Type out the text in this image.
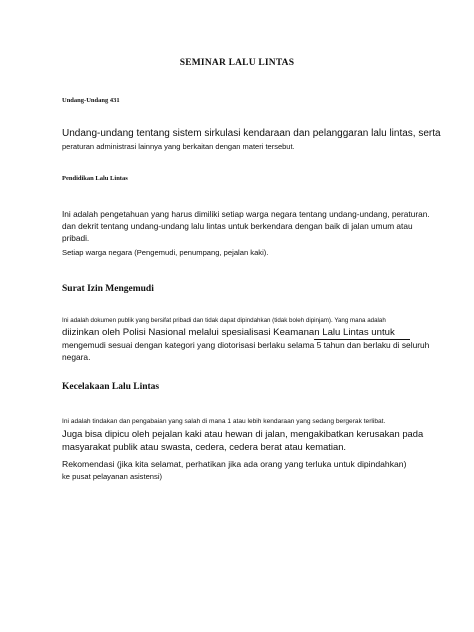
SEMINAR LALU LINTAS
Undang-Undang 431
Undang-undang tentang sistem sirkulasi kendaraan dan pelanggaran lalu lintas, serta
peraturan administrasi lainnya yang berkaitan dengan materi tersebut.
Pendidikan Lalu Lintas
Ini adalah pengetahuan yang harus dimiliki setiap warga negara tentang undang-undang, peraturan.
dan dekrit tentang undang-undang lalu lintas untuk berkendara dengan baik di jalan umum atau
pribadi.
Setiap warga negara (Pengemudi, penumpang, pejalan kaki).
Surat Izin Mengemudi
Ini adalah dokumen publik yang bersifat pribadi dan tidak dapat dipindahkan (tidak boleh dipinjam). Yang mana adalah
diizinkan oleh Polisi Nasional melalui spesialisasi Keamanan Lalu Lintas untuk
mengemudi sesuai dengan kategori yang diotorisasi berlaku selama 5 tahun dan berlaku di seluruh
negara.
Kecelakaan Lalu Lintas
Ini adalah tindakan dan pengabaian yang salah di mana 1 atau lebih kendaraan yang sedang bergerak terlibat.
Juga bisa dipicu oleh pejalan kaki atau hewan di jalan, mengakibatkan kerusakan pada
masyarakat publik atau swasta, cedera, cedera berat atau kematian.
Rekomendasi (jika kita selamat, perhatikan jika ada orang yang terluka untuk dipindahkan)
ke pusat pelayanan asistensi)
